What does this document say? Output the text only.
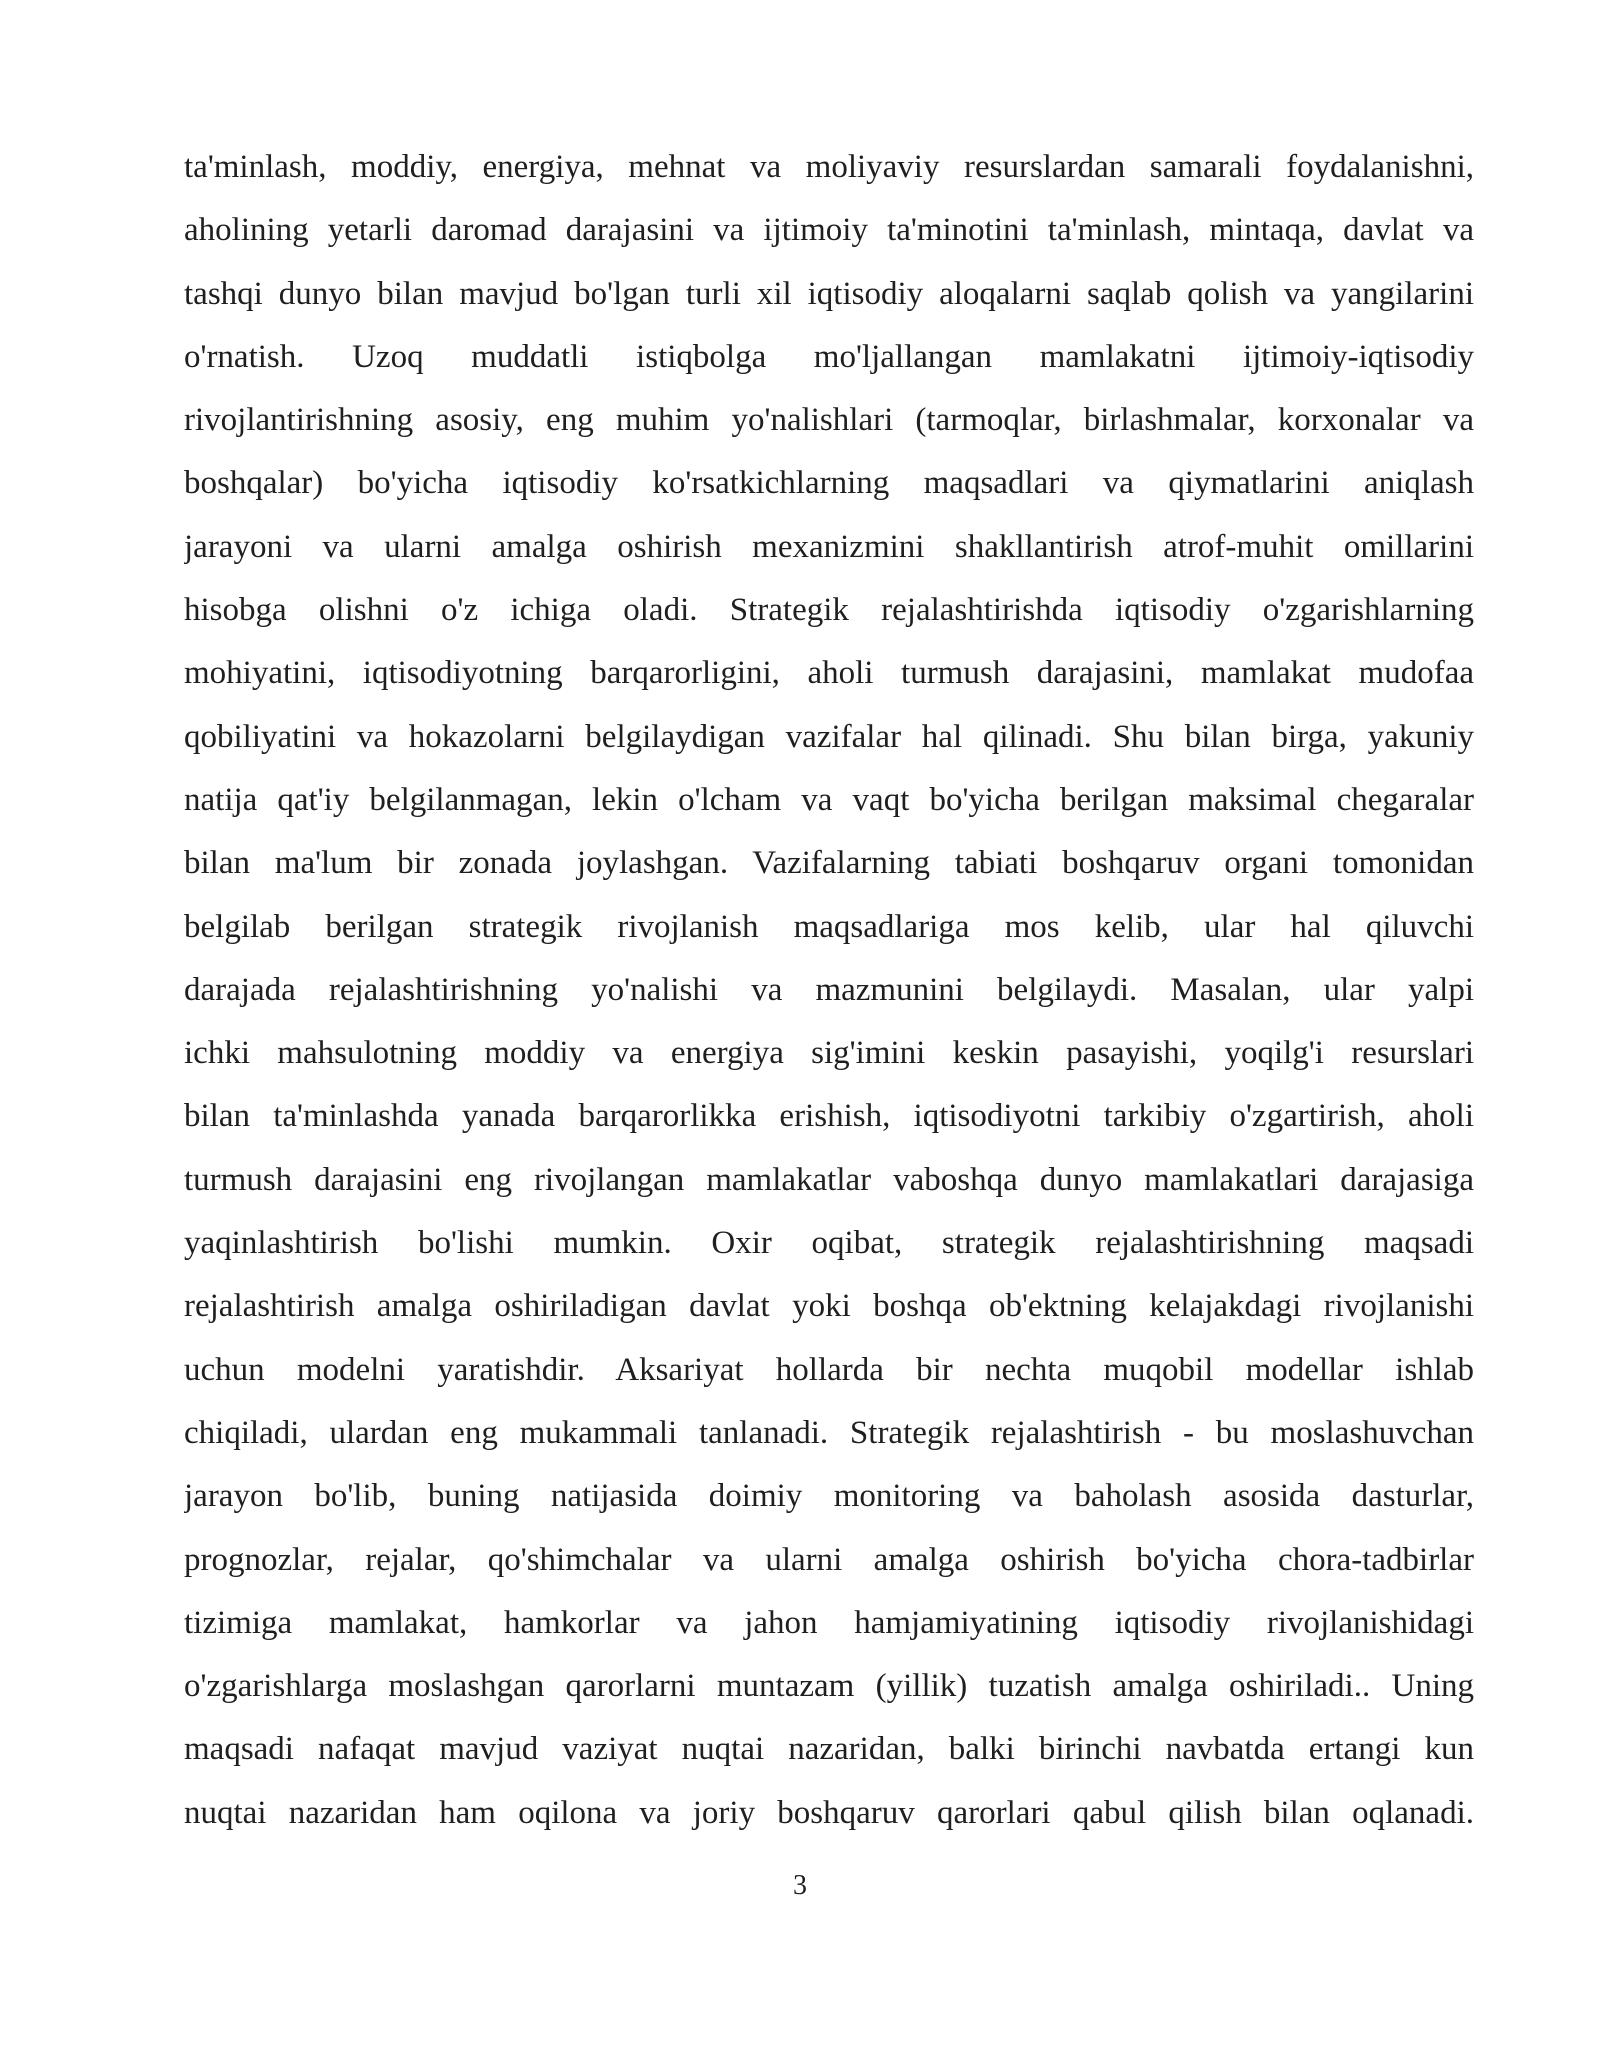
ta'minlash, moddiy, energiya, mehnat va moliyaviy resurslardan samarali foydalanishni,
aholining yetarli daromad darajasini va ijtimoiy ta'minotini ta'minlash, mintaqa, davlat va
tashqi dunyo bilan mavjud bo'lgan turli xil iqtisodiy aloqalarni saqlab qolish va yangilarini
o'rnatish. Uzoq muddatli istiqbolga mo'ljallangan mamlakatni ijtimoiy-iqtisodiy
rivojlantirishning asosiy, eng muhim yo'nalishlari (tarmoqlar, birlashmalar, korxonalar va
boshqalar) bo'yicha iqtisodiy ko'rsatkichlarning maqsadlari va qiymatlarini aniqlash
jarayoni va ularni amalga oshirish mexanizmini shakllantirish atrof-muhit omillarini
hisobga olishni o'z ichiga oladi. Strategik rejalashtirishda iqtisodiy o'zgarishlarning
mohiyatini, iqtisodiyotning barqarorligini, aholi turmush darajasini, mamlakat mudofaa
qobiliyatini va hokazolarni belgilaydigan vazifalar hal qilinadi. Shu bilan birga, yakuniy
natija qat'iy belgilanmagan, lekin o'lcham va vaqt bo'yicha berilgan maksimal chegaralar
bilan ma'lum bir zonada joylashgan. Vazifalarning tabiati boshqaruv organi tomonidan
belgilab berilgan strategik rivojlanish maqsadlariga mos kelib, ular hal qiluvchi
darajada rejalashtirishning yo'nalishi va mazmunini belgilaydi. Masalan, ular yalpi
ichki mahsulotning moddiy va energiya sig'imini keskin pasayishi, yoqilg'i resurslari
bilan ta'minlashda yanada barqarorlikka erishish, iqtisodiyotni tarkibiy o'zgartirish, aholi
turmush darajasini eng rivojlangan mamlakatlar vaboshqa dunyo mamlakatlari darajasiga
yaqinlashtirish bo'lishi mumkin. Oxir oqibat, strategik rejalashtirishning maqsadi
rejalashtirish amalga oshiriladigan davlat yoki boshqa ob'ektning kelajakdagi rivojlanishi
uchun modelni yaratishdir. Aksariyat hollarda bir nechta muqobil modellar ishlab
chiqiladi, ulardan eng mukammali tanlanadi. Strategik rejalashtirish - bu moslashuvchan
jarayon bo'lib, buning natijasida doimiy monitoring va baholash asosida dasturlar,
prognozlar, rejalar, qo'shimchalar va ularni amalga oshirish bo'yicha chora-tadbirlar
tizimiga mamlakat, hamkorlar va jahon hamjamiyatining iqtisodiy rivojlanishidagi
o'zgarishlarga moslashgan qarorlarni muntazam (yillik) tuzatish amalga oshiriladi.. Uning
maqsadi nafaqat mavjud vaziyat nuqtai nazaridan, balki birinchi navbatda ertangi kun
nuqtai nazaridan ham oqilona va joriy boshqaruv qarorlari qabul qilish bilan oqlanadi.
3
